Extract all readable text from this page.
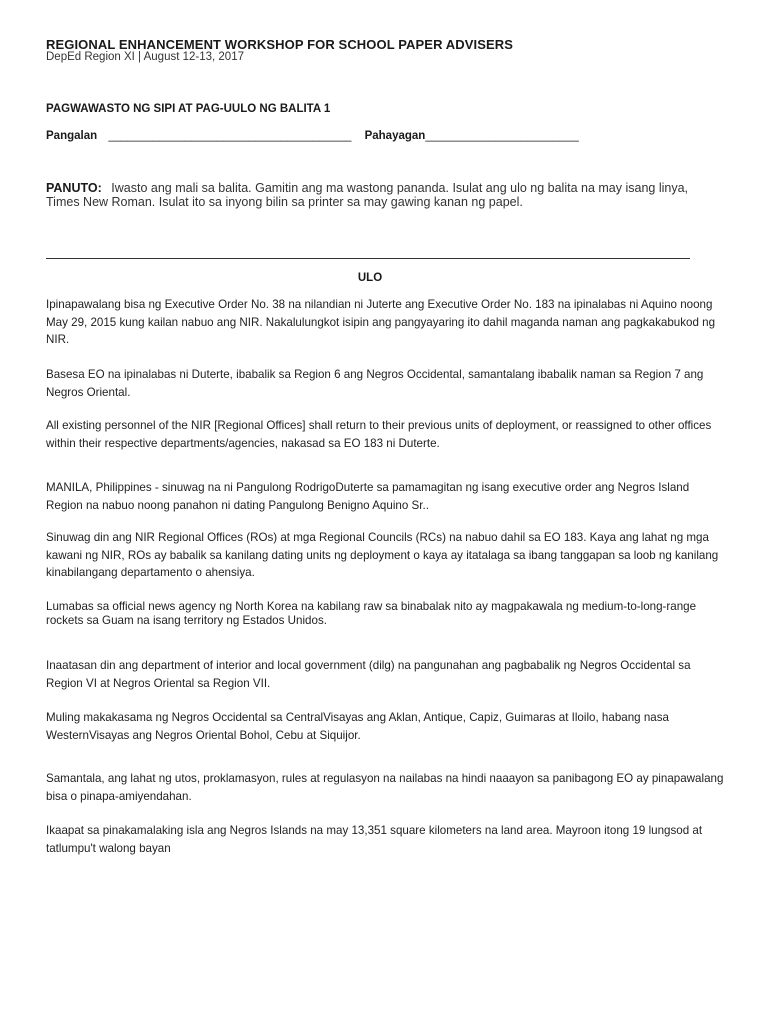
REGIONAL ENHANCEMENT WORKSHOP FOR SCHOOL PAPER ADVISERS
DepEd Region XI | August 12-13, 2017
PAGWAWASTO NG SIPI AT PAG-UULO NG BALITA 1
Pangalan ______________________________________ Pahayagan________________________
PANUTO: Iwasto ang mali sa balita. Gamitin ang ma wastong pananda. Isulat ang ulo ng balita na may isang linya, Times New Roman. Isulat ito sa inyong bilin sa printer sa may gawing kanan ng papel.
ULO
Ipinapawalang bisa ng Executive Order No. 38 na nilandian ni Juterte ang Executive Order No. 183 na ipinalabas ni Aquino noong May 29, 2015 kung kailan nabuo ang NIR. Nakalulungkot isipin ang pangyayaring ito dahil maganda naman ang pagkakabukod ng NIR.
Basesa EO na ipinalabas ni Duterte, ibabalik sa Region 6 ang Negros Occidental, samantalang ibabalik naman sa Region 7 ang Negros Oriental.
All existing personnel of the NIR [Regional Offices] shall return to their previous units of deployment, or reassigned to other offices within their respective departments/agencies, nakasad sa EO 183 ni Duterte.
MANILA, Philippines - sinuwag na ni Pangulong RodrigoDuterte sa pamamagitan ng isang executive order ang Negros Island Region na nabuo noong panahon ni dating Pangulong Benigno Aquino Sr..
Sinuwag din ang NIR Regional Offices (ROs) at mga Regional Councils (RCs) na nabuo dahil sa EO 183. Kaya ang lahat ng mga kawani ng NIR, ROs ay babalik sa kanilang dating units ng deployment o kaya ay itatalaga sa ibang tanggapan sa loob ng kanilang kinabilangang departamento o ahensiya.
Lumabas sa official news agency ng North Korea na kabilang raw sa binabalak nito ay magpakawala ng medium-to-long-range rockets sa Guam na isang territory ng Estados Unidos.
Inaatasan din ang department of interior and local government (dilg) na pangunahan ang pagbabalik ng Negros Occidental sa Region VI at Negros Oriental sa Region VII.
Muling makakasama ng Negros Occidental sa CentralVisayas ang Aklan, Antique, Capiz, Guimaras at Iloilo, habang nasa WesternVisayas ang Negros Oriental Bohol, Cebu at Siquijor.
Samantala, ang lahat ng utos, proklamasyon, rules at regulasyon na nailabas na hindi naaayon sa panibagong EO ay pinapawalang bisa o pinapa-amiyendahan.
Ikaapat sa pinakamalaking isla ang Negros Islands na may 13,351 square kilometers na land area. Mayroon itong 19 lungsod at tatlumpu't walong bayan
